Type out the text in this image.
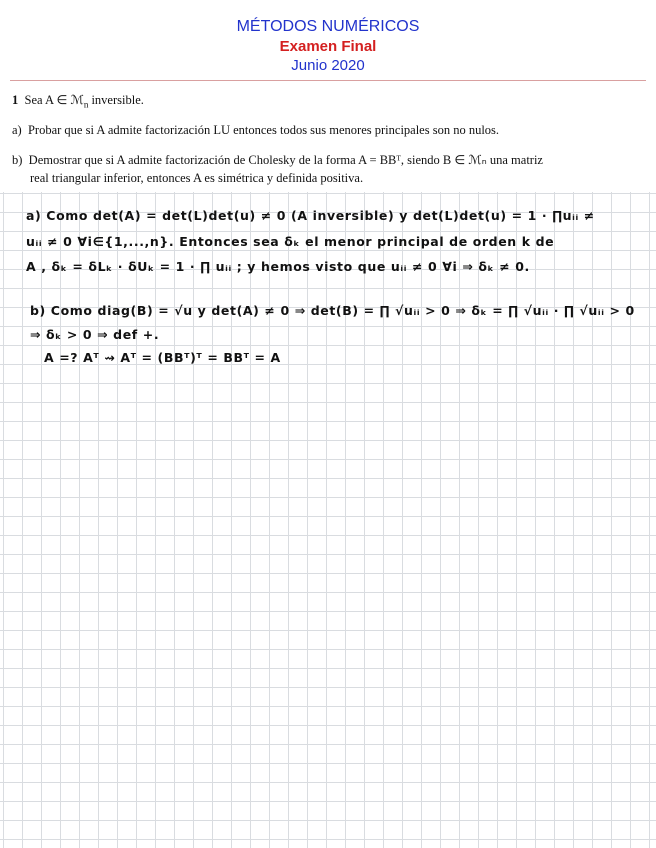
MÉTODOS NUMÉRICOS
Examen Final
Junio 2020
1 Sea A ∈ ℳ$_n$ inversible.
a) Probar que si A admite factorización LU entonces todos sus menores principales son no nulos.
b) Demostrar que si A admite factorización de Cholesky de la forma A = BBᵀ, siendo B ∈ ℳₙ una matriz
real triangular inferior, entonces A es simétrica y definida positiva.
a) Como det(A) = det(L)det(u) ≠ 0 (A inversible) y det(L)det(u) = 1 · ∏uᵢᵢ ≠
uᵢᵢ ≠ 0 ∀i∈{1,...,n}. Entonces sea δₖ el menor principal de orden k de
A , δₖ = δLₖ · δUₖ = 1 · ∏ uᵢᵢ ; y hemos visto que uᵢᵢ ≠ 0 ∀i ⇒ δₖ ≠ 0.
b) Como diag(B) = √u y det(A) ≠ 0 ⇒ det(B) = ∏ √uᵢᵢ > 0 ⇒ δₖ = ∏ √uᵢᵢ · ∏ √uᵢᵢ > 0
⇒ δₖ > 0 ⇒ def +.
A =? Aᵀ ⇝ Aᵀ = (BBᵀ)ᵀ = BBᵀ = A
